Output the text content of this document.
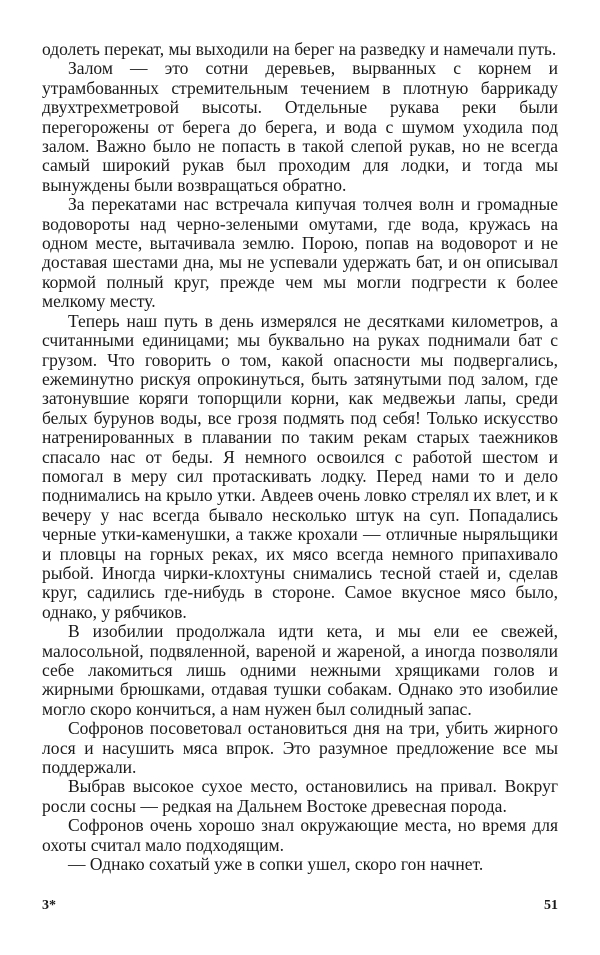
одолеть перекат, мы выходили на берег на разведку и намечали путь.

Залом — это сотни деревьев, вырванных с корнем и утрамбованных стремительным течением в плотную баррикаду двухтрехметровой высоты. Отдельные рукава реки были перегорожены от берега до берега, и вода с шумом уходила под залом. Важно было не попасть в такой слепой рукав, но не всегда самый широкий рукав был проходим для лодки, и тогда мы вынуждены были возвращаться обратно.

За перекатами нас встречала кипучая толчея волн и громадные водовороты над черно-зелеными омутами, где вода, кружась на одном месте, вытачивала землю. Порою, попав на водоворот и не доставая шестами дна, мы не успевали удержать бат, и он описывал кормой полный круг, прежде чем мы могли подгрести к более мелкому месту.

Теперь наш путь в день измерялся не десятками километров, а считанными единицами; мы буквально на руках поднимали бат с грузом. Что говорить о том, какой опасности мы подвергались, ежеминутно рискуя опрокинуться, быть затянутыми под залом, где затонувшие коряги топорщили корни, как медвежьи лапы, среди белых бурунов воды, все грозя подмять под себя! Только искусство натренированных в плавании по таким рекам старых таежников спасало нас от беды. Я немного освоился с работой шестом и помогал в меру сил протаскивать лодку. Перед нами то и дело поднимались на крыло утки. Авдеев очень ловко стрелял их влет, и к вечеру у нас всегда бывало несколько штук на суп. Попадались черные утки-каменушки, а также крохали — отличные ныряльщики и пловцы на горных реках, их мясо всегда немного припахивало рыбой. Иногда чирки-клохтуны снимались тесной стаей и, сделав круг, садились где-нибудь в стороне. Самое вкусное мясо было, однако, у рябчиков.

В изобилии продолжала идти кета, и мы ели ее свежей, малосольной, подвяленной, вареной и жареной, а иногда позволяли себе лакомиться лишь одними нежными хрящиками голов и жирными брюшками, отдавая тушки собакам. Однако это изобилие могло скоро кончиться, а нам нужен был солидный запас.

Софронов посоветовал остановиться дня на три, убить жирного лося и насушить мяса впрок. Это разумное предложение все мы поддержали.

Выбрав высокое сухое место, остановились на привал. Вокруг росли сосны — редкая на Дальнем Востоке древесная порода.

Софронов очень хорошо знал окружающие места, но время для охоты считал мало подходящим.

— Однако сохатый уже в сопки ушел, скоро гон начнет.

3*	51
